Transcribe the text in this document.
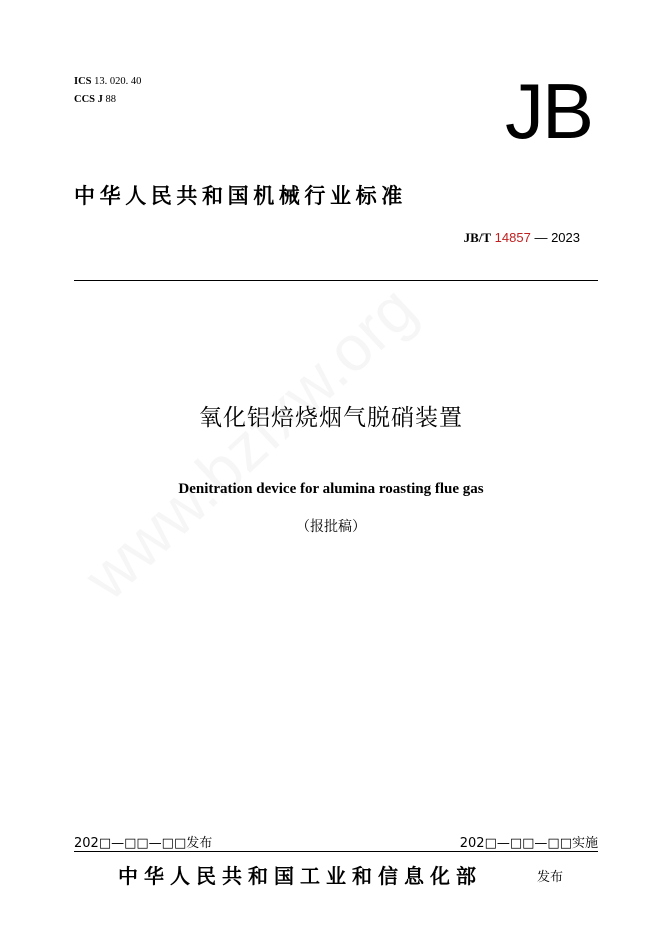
ICS 13. 020. 40
CCS J 88	JB
中华人民共和国机械行业标准
JB/T 14857 — 2023
氧化铝焙烧烟气脱硝装置
Denitration device for alumina roasting flue gas
（报批稿）
202□—□□—□□发布	202□—□□—□□实施
中华人民共和国工业和信息化部	发布
